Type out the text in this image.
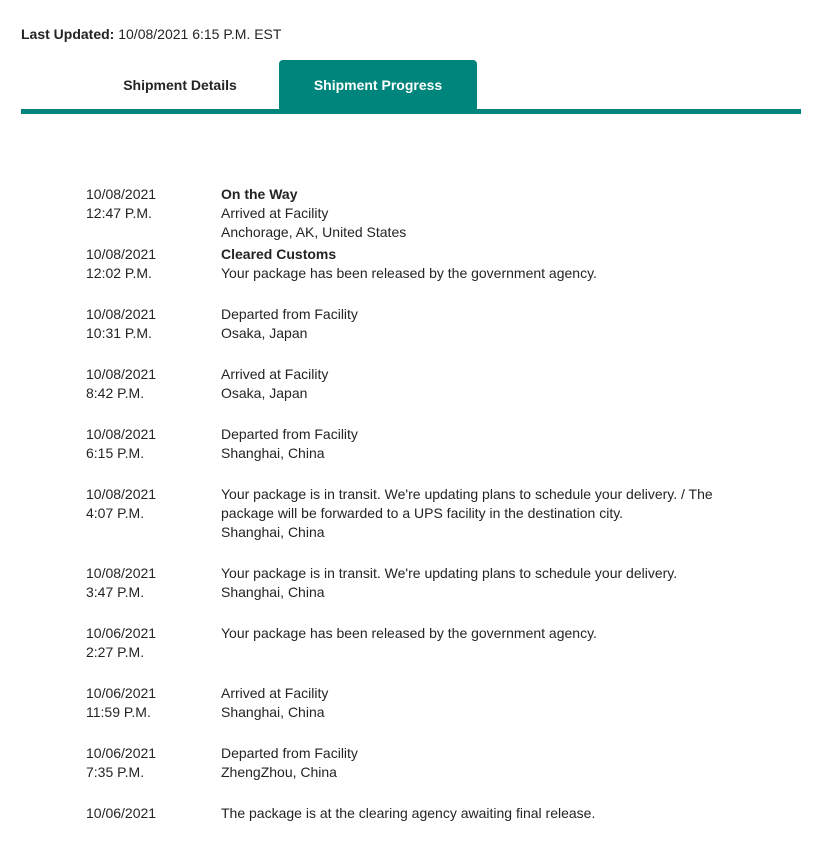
Last Updated: 10/08/2021 6:15 P.M. EST
Shipment Details	Shipment Progress
10/08/2021
12:47 P.M.
On the Way
Arrived at Facility
Anchorage, AK, United States
10/08/2021
12:02 P.M.
Cleared Customs
Your package has been released by the government agency.
10/08/2021
10:31 P.M.
Departed from Facility
Osaka, Japan
10/08/2021
8:42 P.M.
Arrived at Facility
Osaka, Japan
10/08/2021
6:15 P.M.
Departed from Facility
Shanghai, China
10/08/2021
4:07 P.M.
Your package is in transit. We're updating plans to schedule your delivery. / The package will be forwarded to a UPS facility in the destination city.
Shanghai, China
10/08/2021
3:47 P.M.
Your package is in transit. We're updating plans to schedule your delivery.
Shanghai, China
10/06/2021
2:27 P.M.
Your package has been released by the government agency.
10/06/2021
11:59 P.M.
Arrived at Facility
Shanghai, China
10/06/2021
7:35 P.M.
Departed from Facility
ZhengZhou, China
10/06/2021	The package is at the clearing agency awaiting final release.
